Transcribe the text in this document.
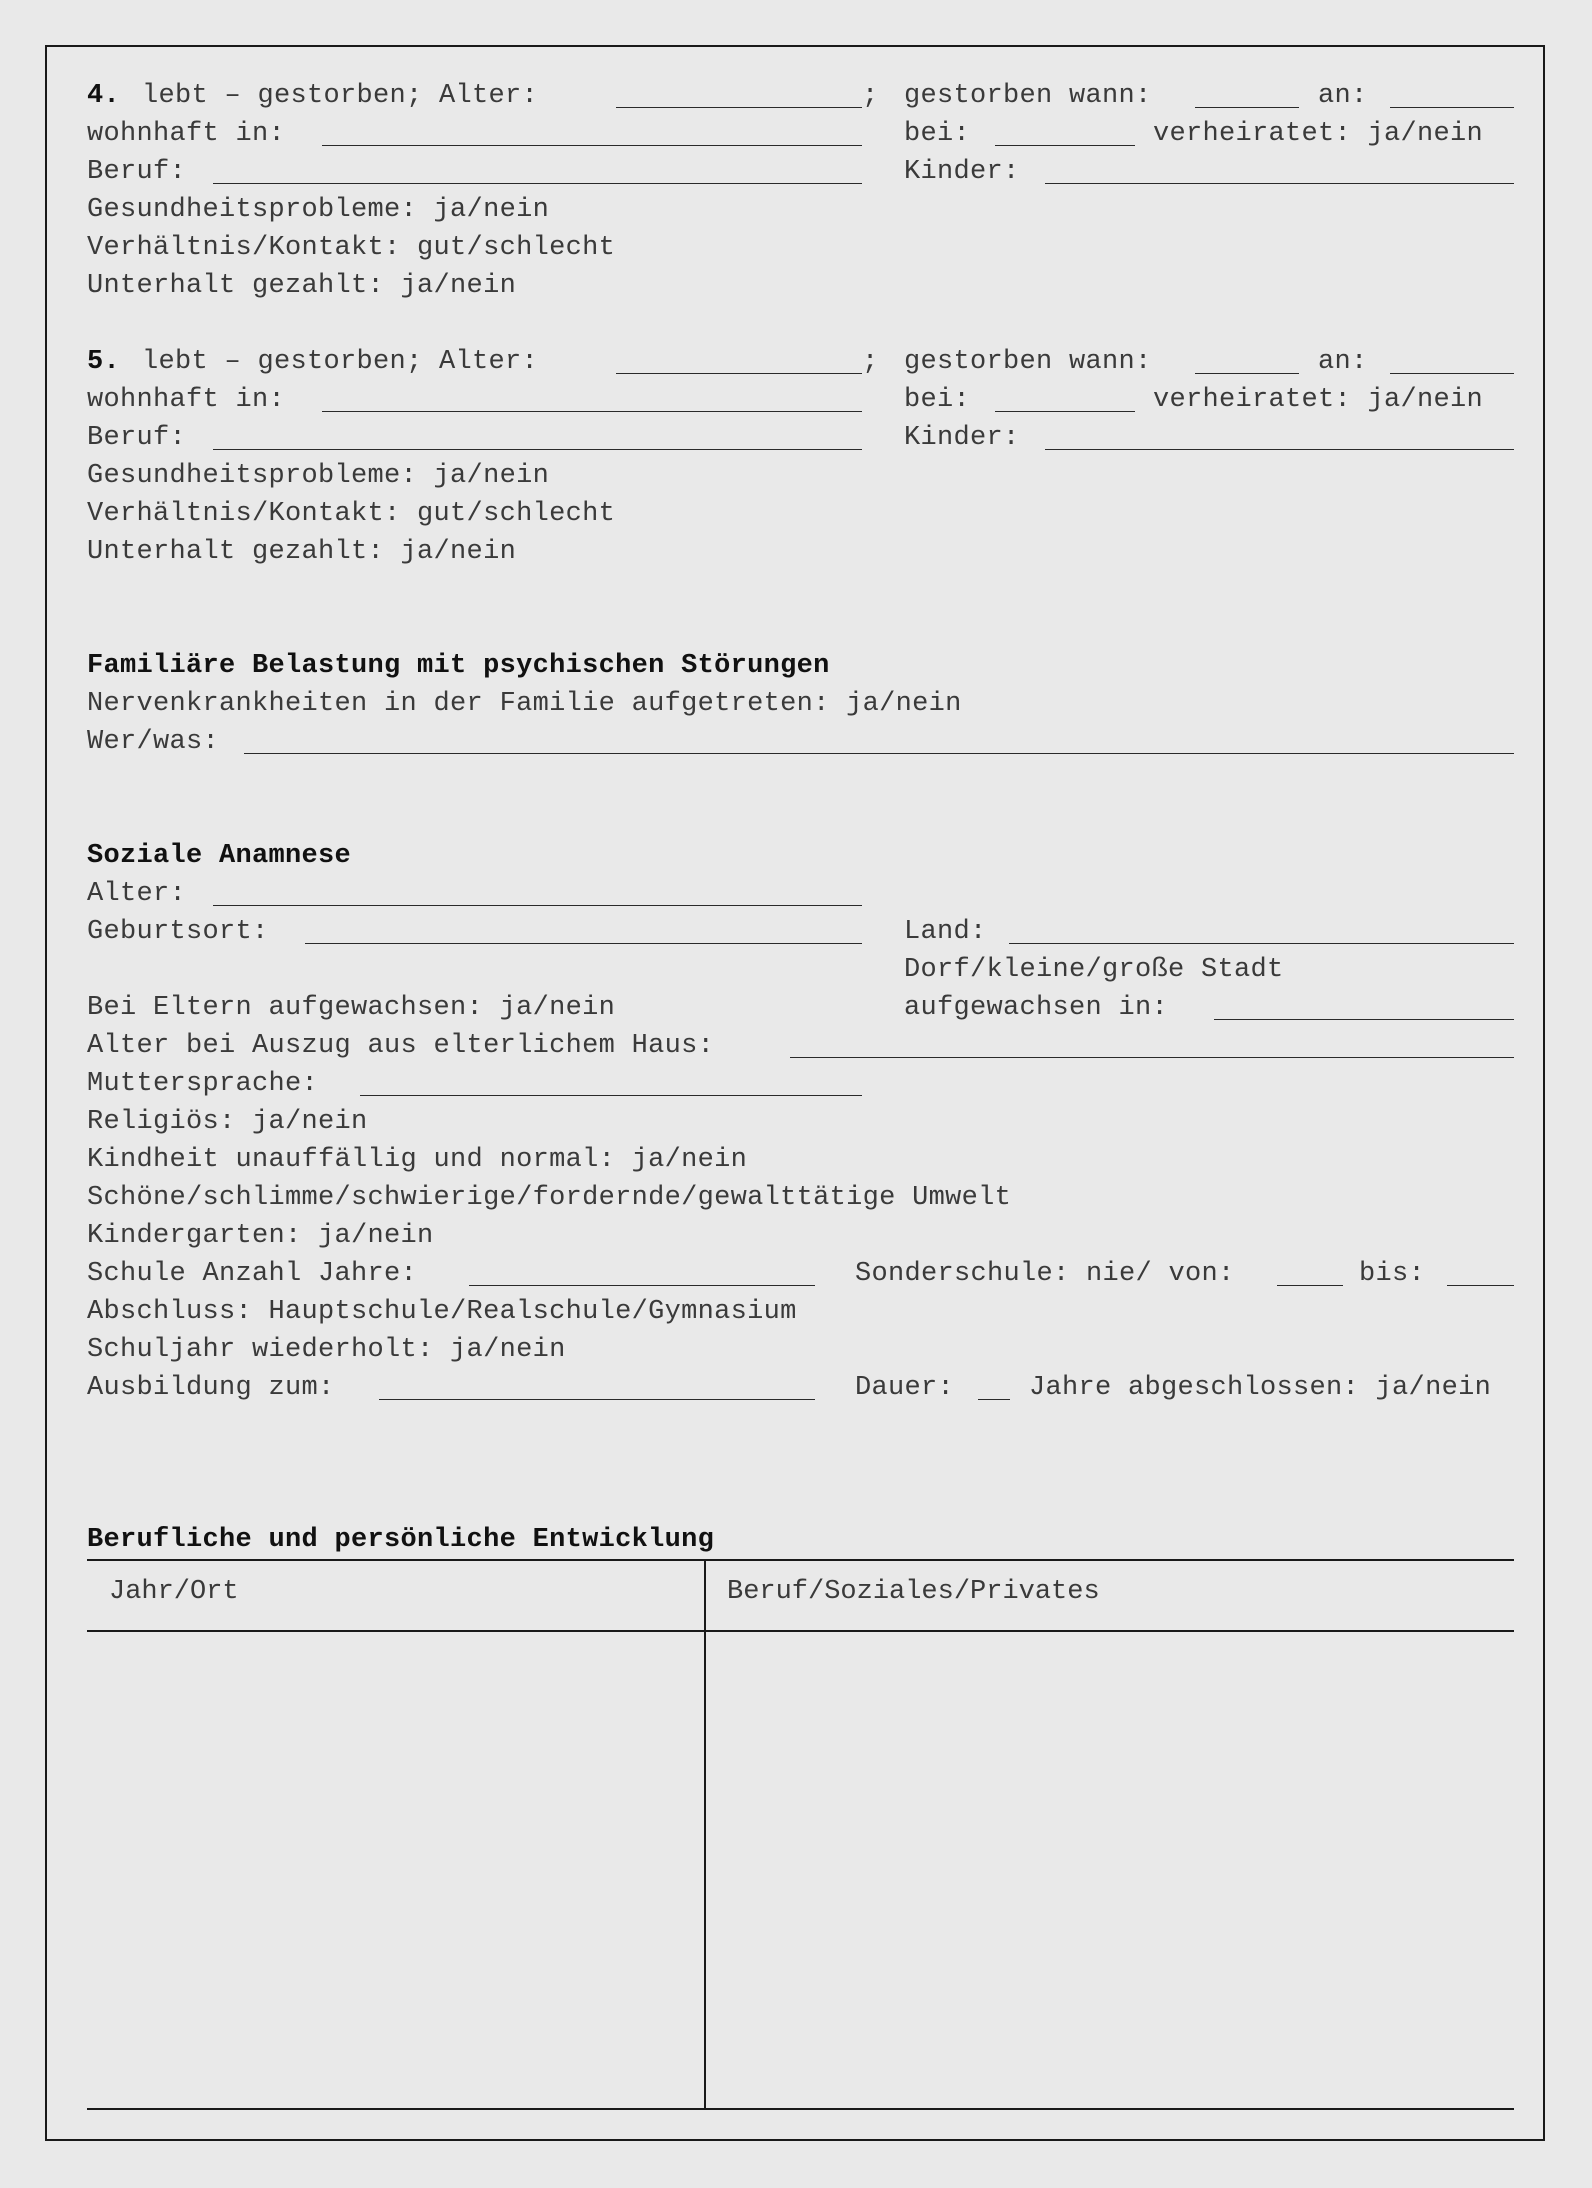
4. lebt – gestorben; Alter:	; gestorben wann:	an:
wohnhaft in:	bei:	verheiratet: ja/nein
Beruf:	Kinder:
Gesundheitsprobleme: ja/nein
Verhältnis/Kontakt: gut/schlecht
Unterhalt gezahlt: ja/nein
5. lebt – gestorben; Alter:	; gestorben wann:	an:
wohnhaft in:	bei:	verheiratet: ja/nein
Beruf:	Kinder:
Gesundheitsprobleme: ja/nein
Verhältnis/Kontakt: gut/schlecht
Unterhalt gezahlt: ja/nein
Familiäre Belastung mit psychischen Störungen
Nervenkrankheiten in der Familie aufgetreten: ja/nein
Wer/was:
Soziale Anamnese
Alter:
Geburtsort:	Land:
Dorf/kleine/große Stadt
Bei Eltern aufgewachsen: ja/nein	aufgewachsen in:
Alter bei Auszug aus elterlichem Haus:
Muttersprache:
Religiös: ja/nein
Kindheit unauffällig und normal: ja/nein
Schöne/schlimme/schwierige/fordernde/gewalttätige Umwelt
Kindergarten: ja/nein
Schule Anzahl Jahre:	Sonderschule: nie/ von:	bis:
Abschluss: Hauptschule/Realschule/Gymnasium
Schuljahr wiederholt: ja/nein
Ausbildung zum:	Dauer:	Jahre abgeschlossen: ja/nein
Berufliche und persönliche Entwicklung
Jahr/Ort	Beruf/Soziales/Privates
